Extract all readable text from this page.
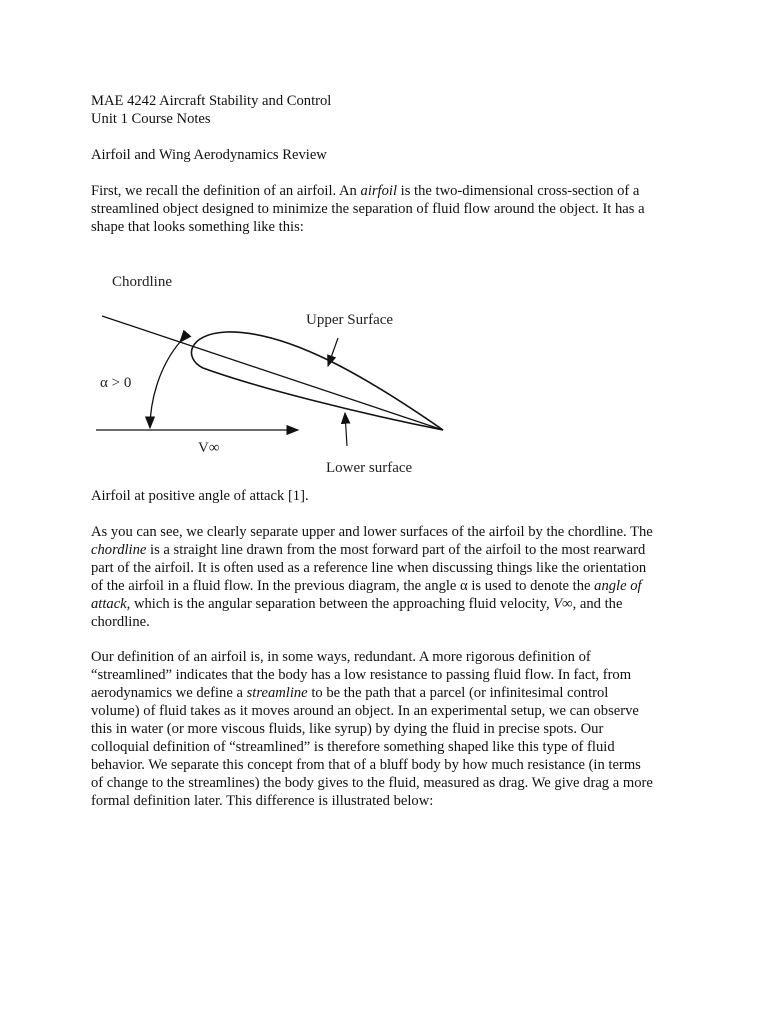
MAE 4242 Aircraft Stability and Control
Unit 1 Course Notes
Airfoil and Wing Aerodynamics Review
First, we recall the definition of an airfoil. An airfoil is the two-dimensional cross-section of a
streamlined object designed to minimize the separation of fluid flow around the object. It has a
shape that looks something like this:
Chordline
Upper Surface
Lower surface
α > 0
V∞
Airfoil at positive angle of attack [1].
As you can see, we clearly separate upper and lower surfaces of the airfoil by the chordline. The
chordline is a straight line drawn from the most forward part of the airfoil to the most rearward
part of the airfoil. It is often used as a reference line when discussing things like the orientation
of the airfoil in a fluid flow. In the previous diagram, the angle α is used to denote the angle of
attack, which is the angular separation between the approaching fluid velocity, V∞, and the
chordline.
Our definition of an airfoil is, in some ways, redundant. A more rigorous definition of
“streamlined” indicates that the body has a low resistance to passing fluid flow. In fact, from
aerodynamics we define a streamline to be the path that a parcel (or infinitesimal control
volume) of fluid takes as it moves around an object. In an experimental setup, we can observe
this in water (or more viscous fluids, like syrup) by dying the fluid in precise spots. Our
colloquial definition of “streamlined” is therefore something shaped like this type of fluid
behavior. We separate this concept from that of a bluff body by how much resistance (in terms
of change to the streamlines) the body gives to the fluid, measured as drag. We give drag a more
formal definition later. This difference is illustrated below:
